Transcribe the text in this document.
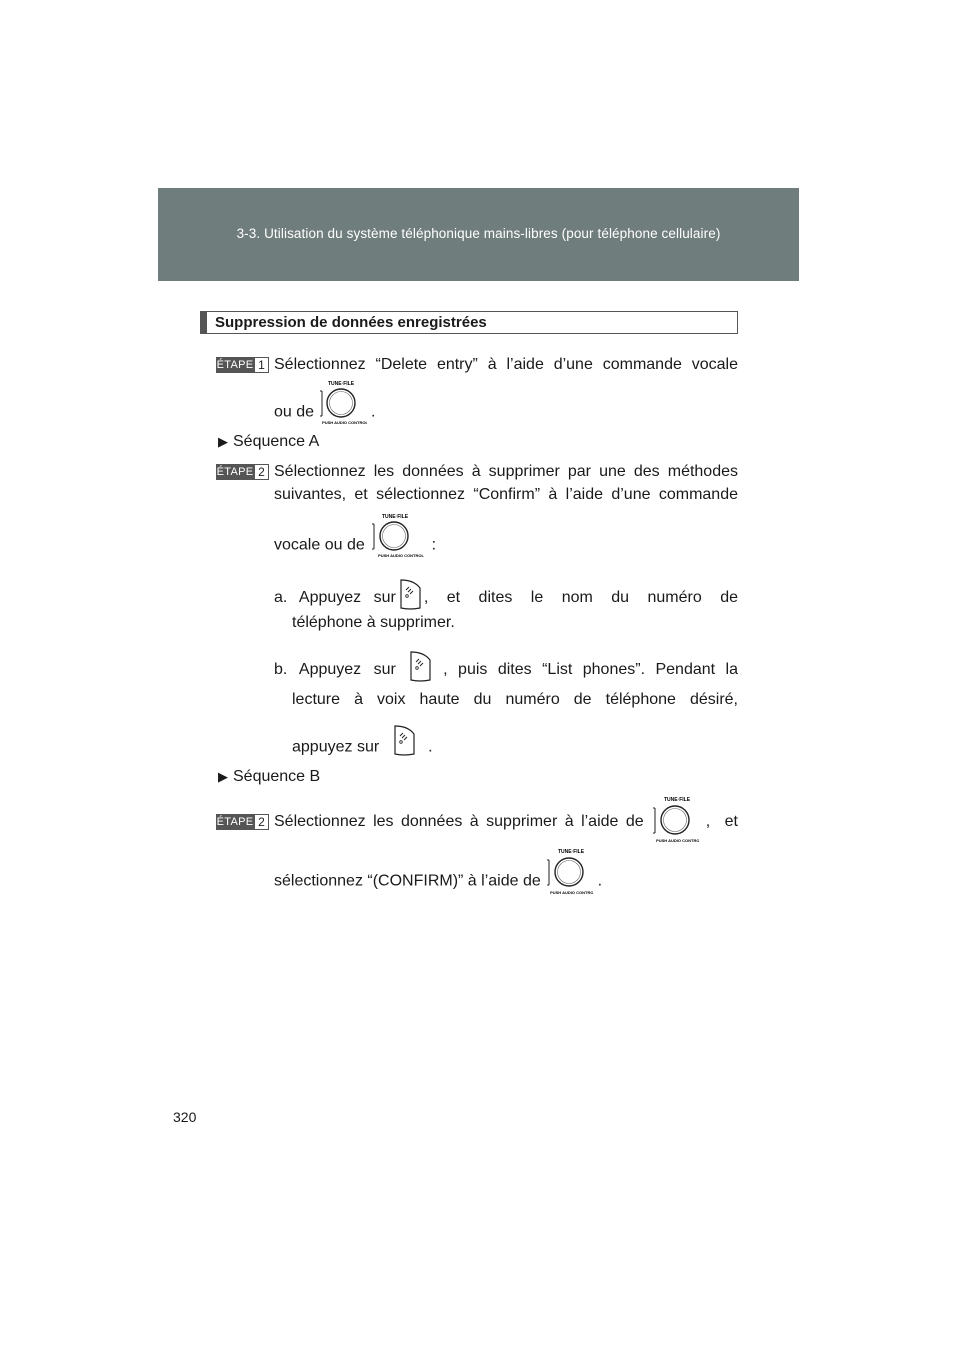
3-3. Utilisation du système téléphonique mains-libres (pour téléphone cellulaire)
Suppression de données enregistrées
ÉTAPE 1 Sélectionnez “Delete entry” à l’aide d’une commande vocale
ou de
TUNE·FILE
PUSH AUDIO CONTROL
.
▶ Séquence A
ÉTAPE 2 Sélectionnez les données à supprimer par une des méthodes
suivantes, et sélectionnez “Confirm” à l’aide d’une commande
vocale ou de
TUNE·FILE
PUSH AUDIO CONTROL
:
a. Appuyez sur , et dites le nom du numéro de
téléphone à supprimer.
b. Appuyez sur	, puis dites “List phones”. Pendant la
lecture à voix haute du numéro de téléphone désiré,
appuyez sur	.
▶ Séquence B
ÉTAPE 2 Sélectionnez les données à supprimer à l’aide de
TUNE·FILE
PUSH AUDIO CONTROL
, et
sélectionnez “(CONFIRM)” à l’aide de
TUNE·FILE
PUSH AUDIO CONTROL
.
320
